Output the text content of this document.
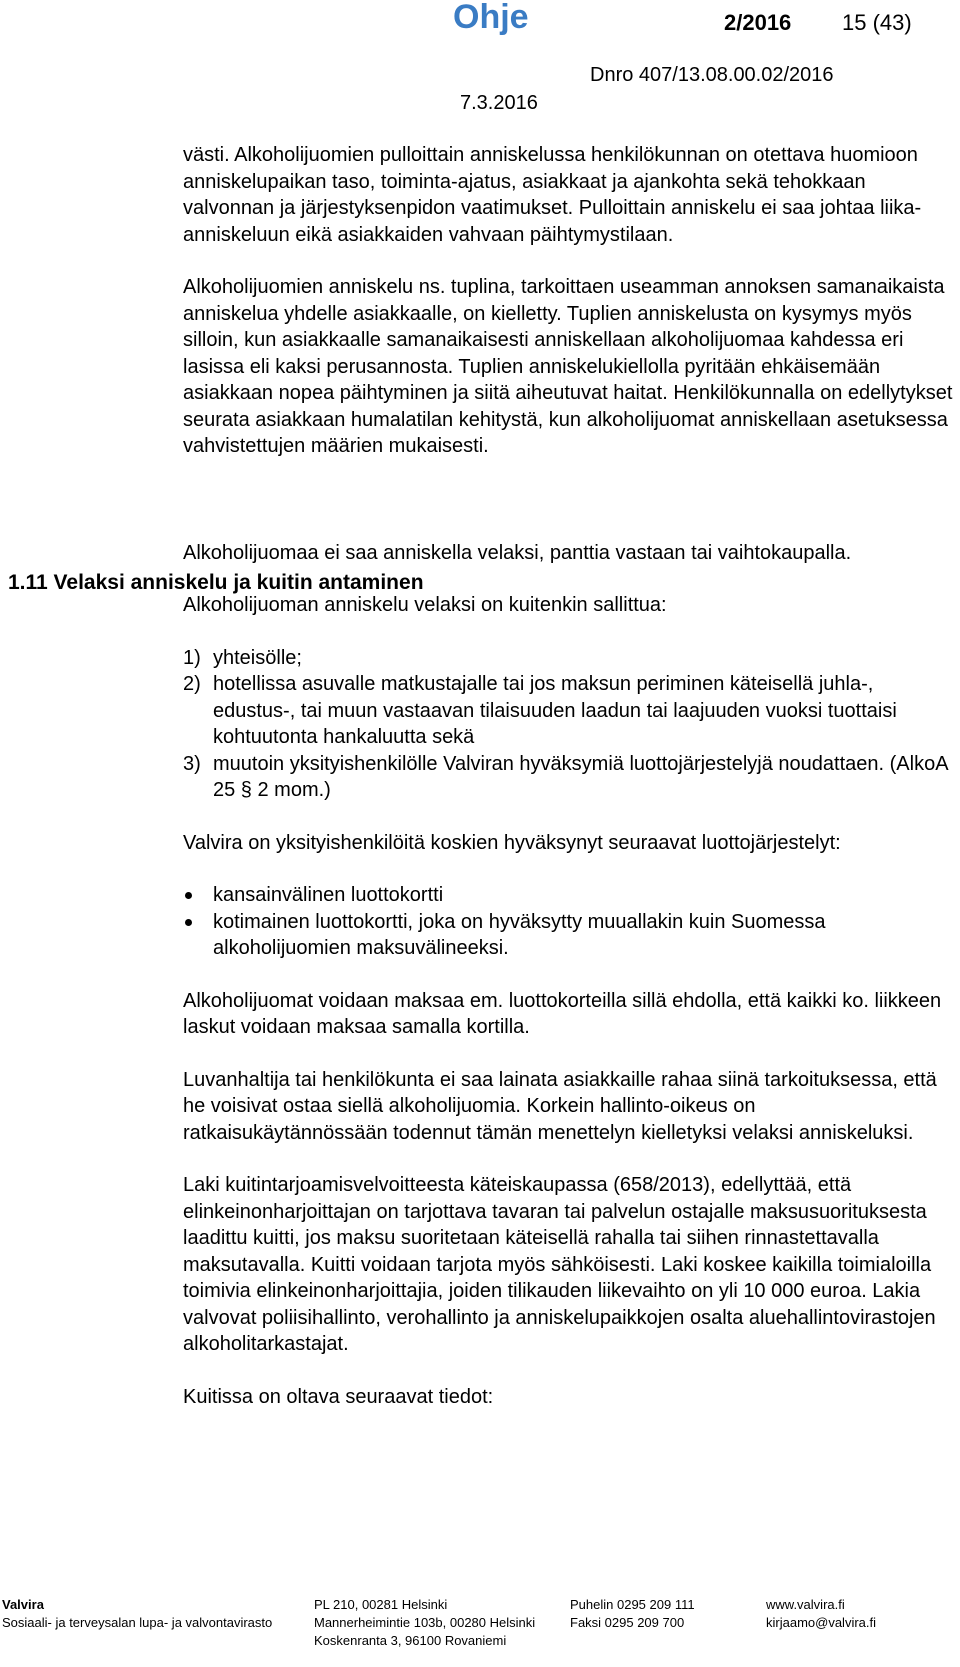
Ohje	2/2016 15 (43)
Dnro 407/13.08.00.02/2016
7.3.2016
1.11 Velaksi anniskelu ja kuitin antaminen

västi. Alkoholijuomien pulloittain anniskelussa henkilökunnan on otettava huomioon anniskelupaikan taso, toiminta-ajatus, asiakkaat ja ajankohta sekä tehokkaan valvonnan ja järjestyksenpidon vaatimukset. Pulloittain anniskelu ei saa johtaa liika-anniskeluun eikä asiakkaiden vahvaan päihtymystilaan.

Alkoholijuomien anniskelu ns. tuplina, tarkoittaen useamman annoksen samanaikaista anniskelua yhdelle asiakkaalle, on kielletty. Tuplien anniskelusta on kysymys myös silloin, kun asiakkaalle samanaikaisesti anniskellaan alkoholijuomaa kahdessa eri lasissa eli kaksi perusannosta. Tuplien anniskelukiellolla pyritään ehkäisemään asiakkaan nopea päihtyminen ja siitä aiheutuvat haitat. Henkilökunnalla on edellytykset seurata asiakkaan humalatilan kehitystä, kun alkoholijuomat anniskellaan asetuksessa vahvistettujen määrien mukaisesti.

Alkoholijuomaa ei saa anniskella velaksi, panttia vastaan tai vaihtokaupalla.

Alkoholijuoman anniskelu velaksi on kuitenkin sallittua:

1) yhteisölle;
2) hotellissa asuvalle matkustajalle tai jos maksun periminen käteisellä juhla-, edustus-, tai muun vastaavan tilaisuuden laadun tai laajuuden vuoksi tuottaisi kohtuutonta hankaluutta sekä
3) muutoin yksityishenkilölle Valviran hyväksymiä luottojärjestelyjä noudattaen. (AlkoA 25 § 2 mom.)

Valvira on yksityishenkilöitä koskien hyväksynyt seuraavat luottojärjestelyt:

kansainvälinen luottokortti
kotimainen luottokortti, joka on hyväksytty muuallakin kuin Suomessa alkoholijuomien maksuvälineeksi.

Alkoholijuomat voidaan maksaa em. luottokorteilla sillä ehdolla, että kaikki ko. liikkeen laskut voidaan maksaa samalla kortilla.

Luvanhaltija tai henkilökunta ei saa lainata asiakkaille rahaa siinä tarkoituksessa, että he voisivat ostaa siellä alkoholijuomia. Korkein hallinto-oikeus on ratkaisukäytännössään todennut tämän menettelyn kielletyksi velaksi anniskeluksi.

Laki kuitintarjoamisvelvoitteesta käteiskaupassa (658/2013), edellyttää, että elinkeinonharjoittajan on tarjottava tavaran tai palvelun ostajalle maksusuorituksesta laadittu kuitti, jos maksu suoritetaan käteisellä rahalla tai siihen rinnastettavalla maksutavalla. Kuitti voidaan tarjota myös sähköisesti. Laki koskee kaikilla toimialoilla toimivia elinkeinonharjoittajia, joiden tilikauden liikevaihto on yli 10 000 euroa. Lakia valvovat poliisihallinto, verohallinto ja anniskelupaikkojen osalta aluehallintovirastojen alkoholitarkastajat.

Kuitissa on oltava seuraavat tiedot:

Valvira
Sosiaali- ja terveysalan lupa- ja valvontavirasto
PL 210, 00281 Helsinki
Mannerheimintie 103b, 00280 Helsinki
Koskenranta 3, 96100 Rovaniemi
Puhelin 0295 209 111
Faksi 0295 209 700
www.valvira.fi
kirjaamo@valvira.fi
